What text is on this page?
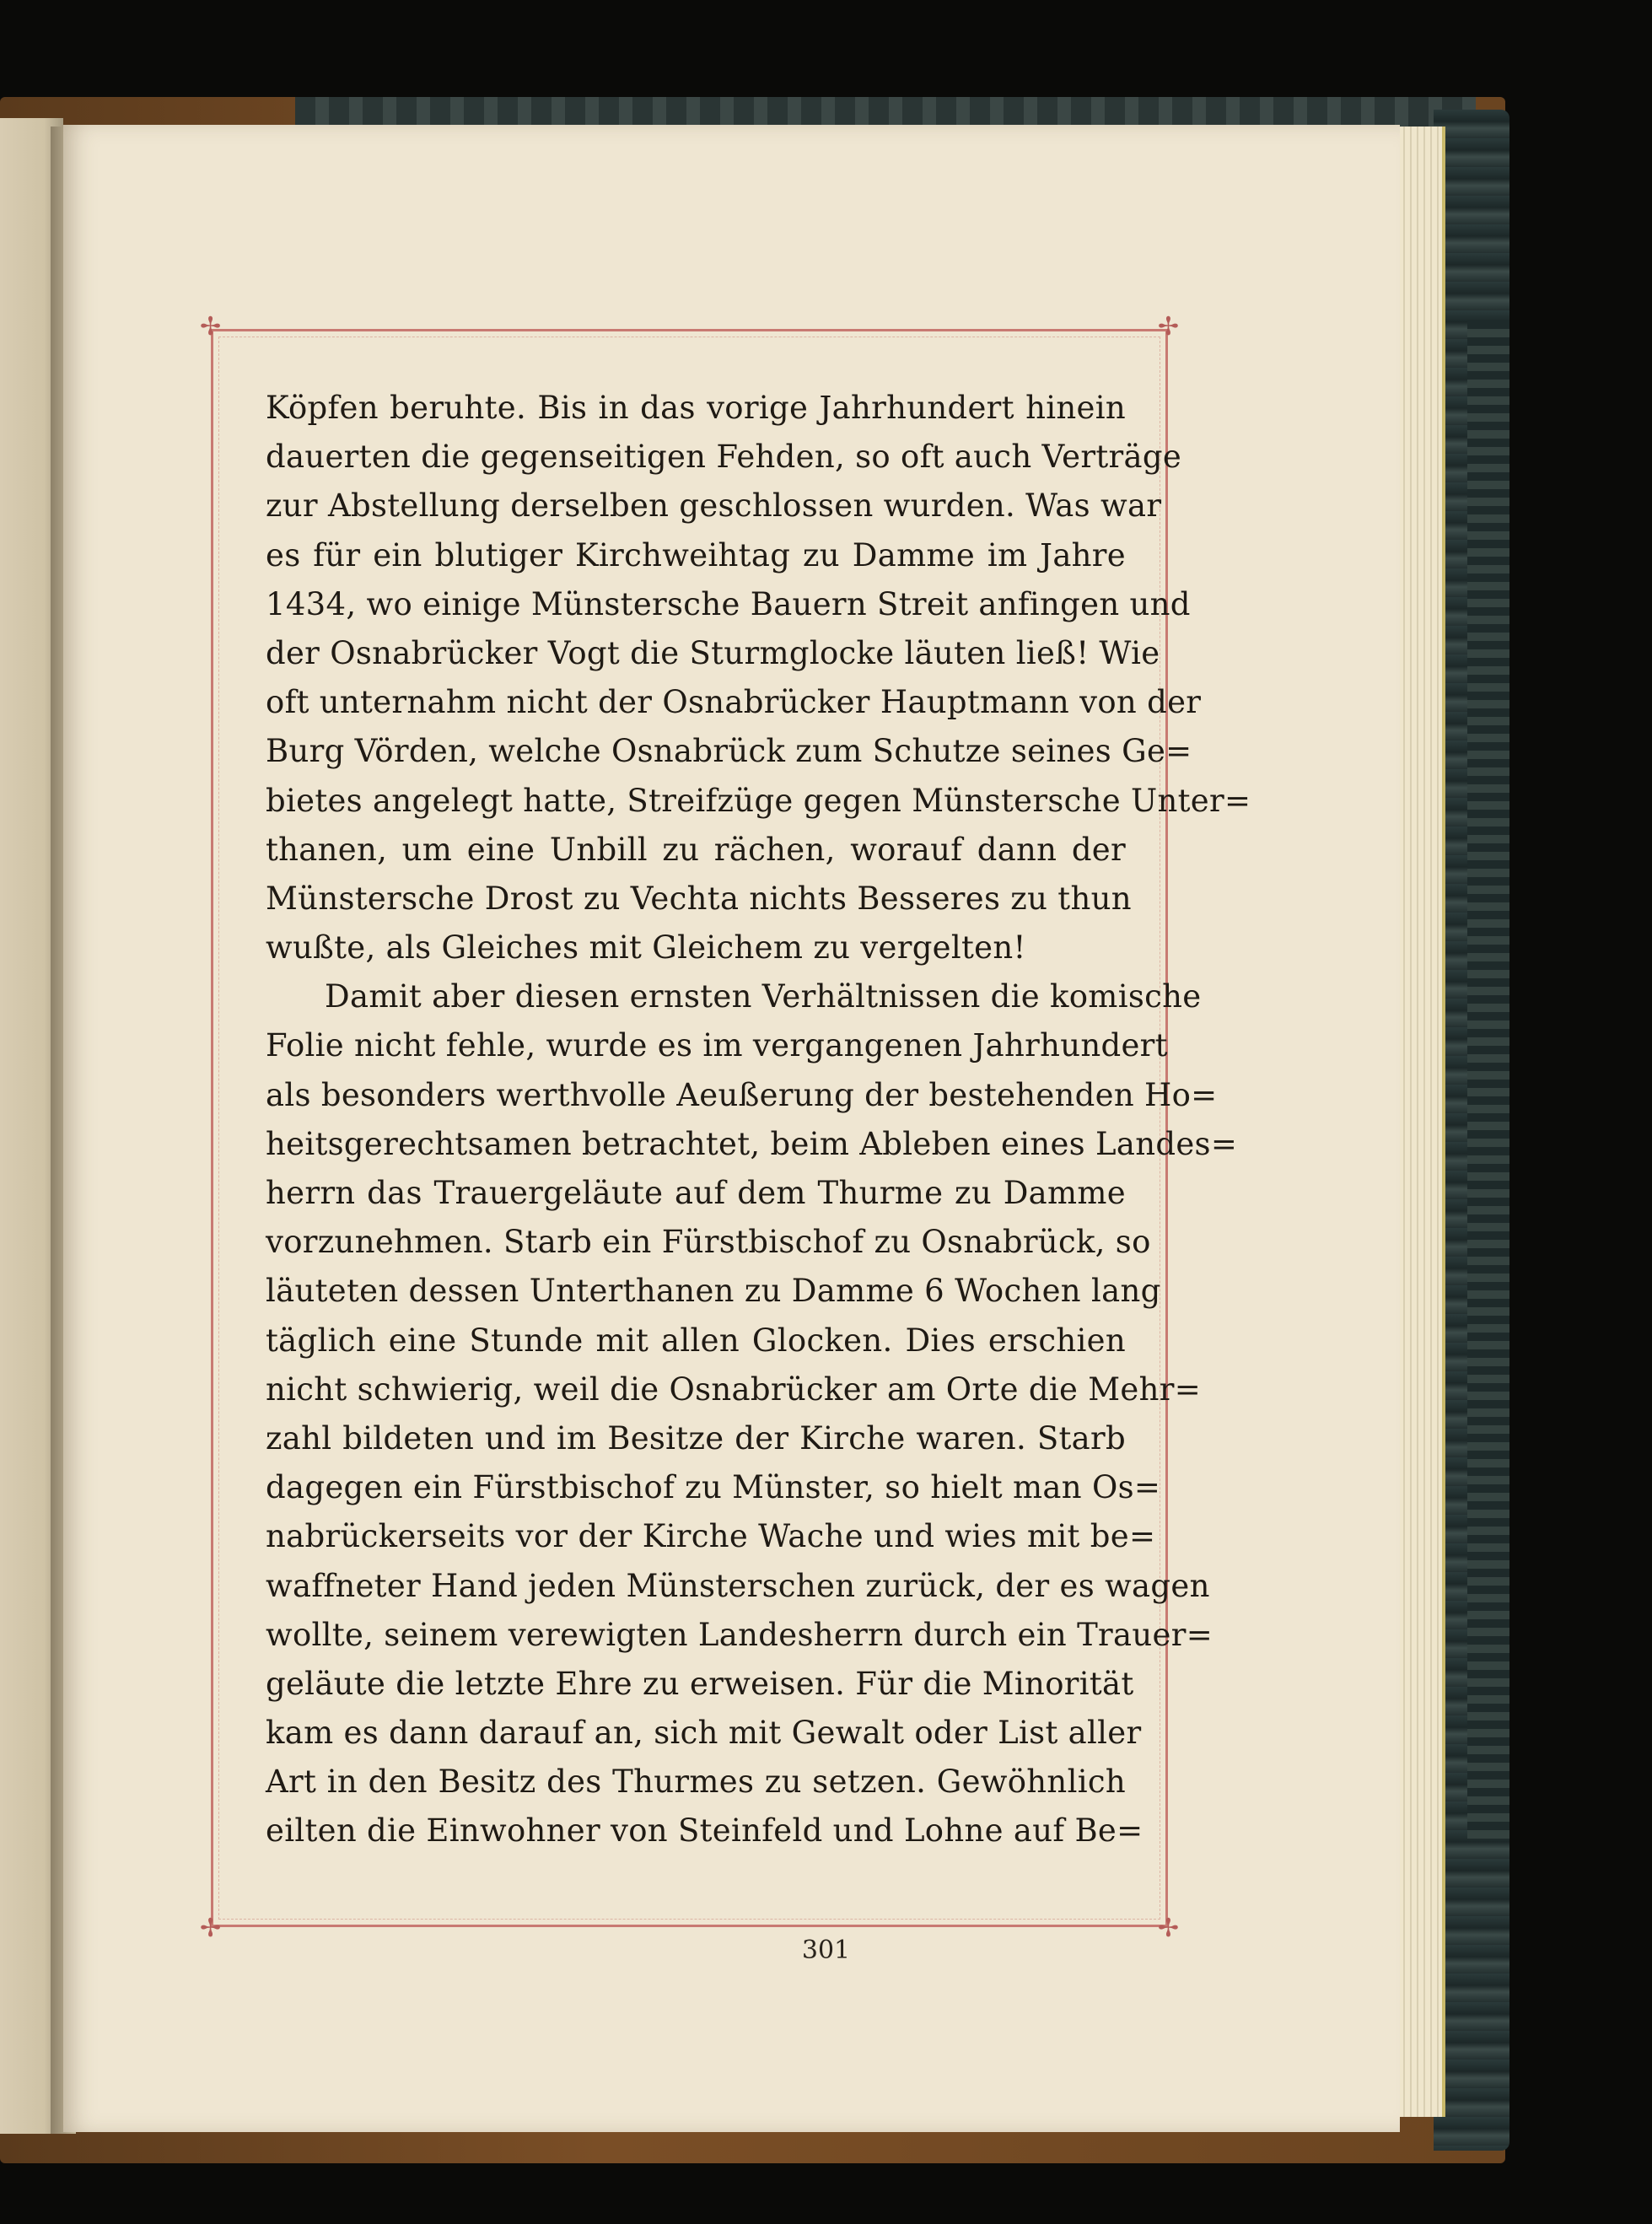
✢	✢
✢	✢
Köpfen beruhte. Bis in das vorige Jahrhundert hinein
dauerten die gegenseitigen Fehden, so oft auch Verträge
zur Abstellung derselben geschlossen wurden. Was war
es für ein blutiger Kirchweihtag zu Damme im Jahre
1434, wo einige Münstersche Bauern Streit anfingen und
der Osnabrücker Vogt die Sturmglocke läuten ließ! Wie
oft unternahm nicht der Osnabrücker Hauptmann von der
Burg Vörden, welche Osnabrück zum Schutze seines Ge=
bietes angelegt hatte, Streifzüge gegen Münstersche Unter=
thanen, um eine Unbill zu rächen, worauf dann der
Münstersche Drost zu Vechta nichts Besseres zu thun
wußte, als Gleiches mit Gleichem zu vergelten!
Damit aber diesen ernsten Verhältnissen die komische
Folie nicht fehle, wurde es im vergangenen Jahrhundert
als besonders werthvolle Aeußerung der bestehenden Ho=
heitsgerechtsamen betrachtet, beim Ableben eines Landes=
herrn das Trauergeläute auf dem Thurme zu Damme
vorzunehmen. Starb ein Fürstbischof zu Osnabrück, so
läuteten dessen Unterthanen zu Damme 6 Wochen lang
täglich eine Stunde mit allen Glocken. Dies erschien
nicht schwierig, weil die Osnabrücker am Orte die Mehr=
zahl bildeten und im Besitze der Kirche waren. Starb
dagegen ein Fürstbischof zu Münster, so hielt man Os=
nabrückerseits vor der Kirche Wache und wies mit be=
waffneter Hand jeden Münsterschen zurück, der es wagen
wollte, seinem verewigten Landesherrn durch ein Trauer=
geläute die letzte Ehre zu erweisen. Für die Minorität
kam es dann darauf an, sich mit Gewalt oder List aller
Art in den Besitz des Thurmes zu setzen. Gewöhnlich
eilten die Einwohner von Steinfeld und Lohne auf Be=
301
